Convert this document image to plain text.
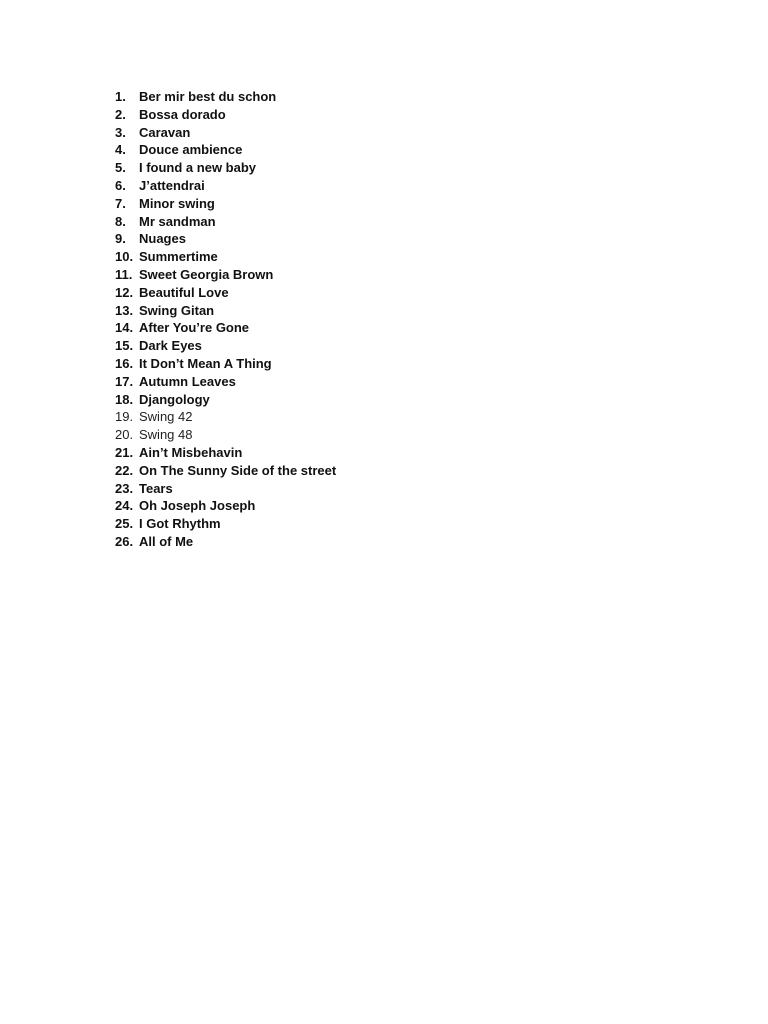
1.	Ber mir best du schon
2.	Bossa dorado
3.	Caravan
4.	Douce ambience
5.	I found a new baby
6.	J’attendrai
7.	Minor swing
8.	Mr sandman
9.	Nuages
10. Summertime
11. Sweet Georgia Brown
12. Beautiful Love
13. Swing Gitan
14. After You’re Gone
15. Dark Eyes
16. It Don’t Mean A Thing
17. Autumn Leaves
18. Djangology
19. Swing 42
20. Swing 48
21. Ain’t Misbehavin
22. On The Sunny Side of the street
23. Tears
24. Oh Joseph Joseph
25. I Got Rhythm
26. All of Me
